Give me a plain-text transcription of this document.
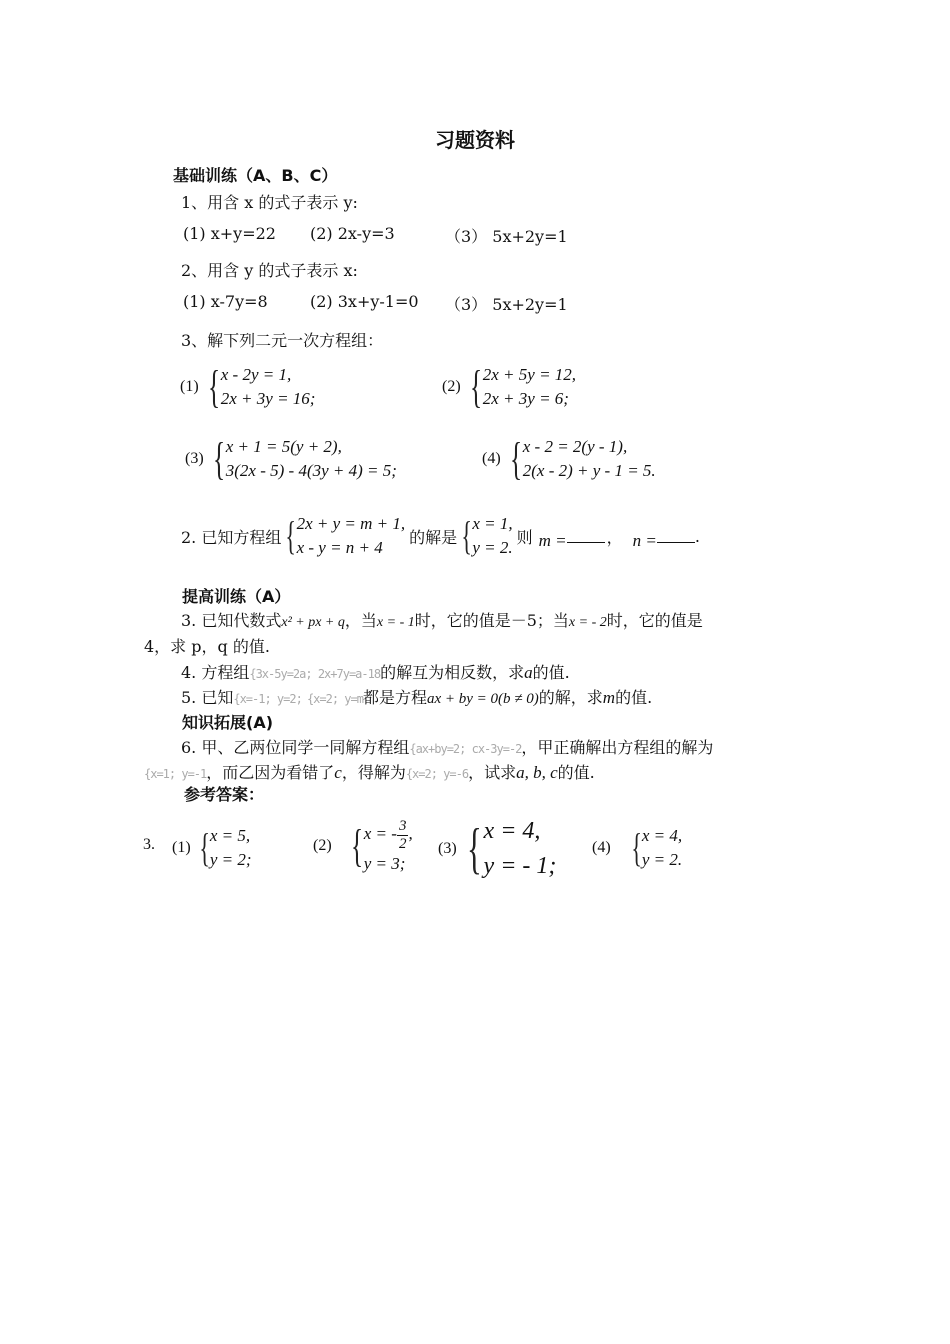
习题资料
基础训练（A、B、C）
1、用含 x 的式子表示 y:
(1) x+y=22 (2) 2x-y=3	（3） 5x+2y=1
2、用含 y 的式子表示 x:
(1) x-7y=8	(2) 3x+y-1=0 （3） 5x+2y=1
3、解下列二元一次方程组：
(1) { x - 2y = 1,
2x + 3y = 16;
(2) { 2x + 5y = 12,
2x + 3y = 6;
(3) { x + 1 = 5(y + 2),
3(2x - 5) - 4(3y + 4) = 5;
(4) { x - 2 = 2(y - 1),
2(x - 2) + y - 1 = 5.
2. 已知方程组 { 2x + y = m + 1,
x - y = n + 4
的解是 { x = 1,
y = 2.
则 m =	， n = .
提高训练（A）
3. 已知代数式x² + px + q，当x = - 1时，它的值是－5；当x = - 2时，它的值是
4，求 p，q 的值.
4. 方程组{3x-5y=2a; 2x+7y=a-18的解互为相反数，求a的值.
5. 已知{x=-1; y=2; {x=2; y=m都是方程ax + by = 0(b ≠ 0)的解，求m的值.
知识拓展(A)
6. 甲、乙两位同学一同解方程组{ax+by=2; cx-3y=-2，甲正确解出方程组的解为
{x=1; y=-1，而乙因为看错了c，得解为{x=2; y=-6，试求a, b, c的值.
参考答案：
3. (1) { x = 5,
y = 2;
(2) { x = - $\frac{3}{2}$ ,
y = 3;
(3) { x = 4,
y = - 1;
(4) { x = 4,
y = 2.
